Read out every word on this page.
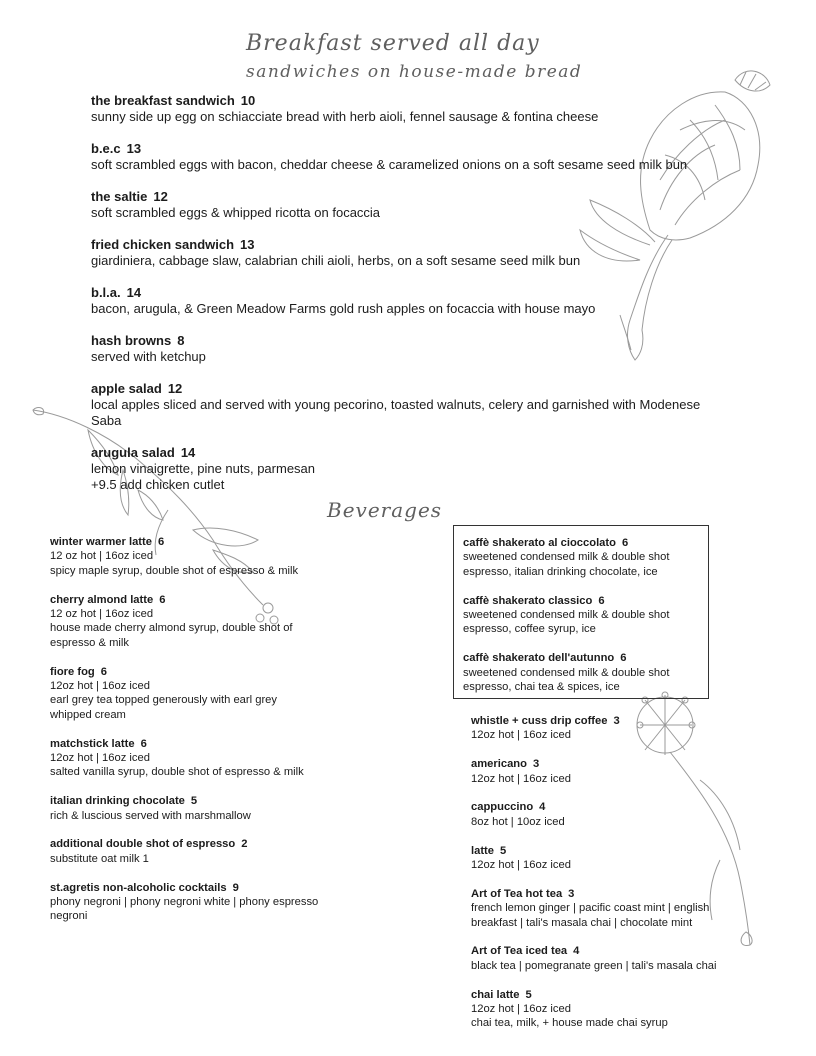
Breakfast served all day
sandwiches on house-made bread
the breakfast sandwich 10
sunny side up egg on schiacciate bread with herb aioli, fennel sausage & fontina cheese
b.e.c 13
soft scrambled eggs with bacon, cheddar cheese & caramelized onions on a soft sesame seed milk bun
the saltie 12
soft scrambled eggs & whipped ricotta on focaccia
fried chicken sandwich 13
giardiniera, cabbage slaw, calabrian chili aioli, herbs, on a soft sesame seed milk bun
b.l.a. 14
bacon, arugula, & Green Meadow Farms gold rush apples on focaccia with house mayo
hash browns 8
served with ketchup
apple salad 12
local apples sliced and served with young pecorino, toasted walnuts, celery and garnished with Modenese
Saba
arugula salad 14
lemon vinaigrette, pine nuts, parmesan
+9.5 add chicken cutlet
Beverages
winter warmer latte 6
12 oz hot | 16oz iced
spicy maple syrup, double shot of espresso & milk
cherry almond latte 6
12 oz hot | 16oz iced
house made cherry almond syrup, double shot of
espresso & milk
fiore fog 6
12oz hot | 16oz iced
earl grey tea topped generously with earl grey
whipped cream
matchstick latte 6
12oz hot | 16oz iced
salted vanilla syrup, double shot of espresso & milk
italian drinking chocolate 5
rich & luscious served with marshmallow
additional double shot of espresso 2
substitute oat milk 1
st.agretis non-alcoholic cocktails 9
phony negroni | phony negroni white | phony espresso
negroni
caffè shakerato al cioccolato 6
sweetened condensed milk & double shot
espresso, italian drinking chocolate, ice
caffè shakerato classico 6
sweetened condensed milk & double shot
espresso, coffee syrup, ice
caffè shakerato dell'autunno 6
sweetened condensed milk & double shot
espresso, chai tea & spices, ice
whistle + cuss drip coffee 3
12oz hot | 16oz iced
americano 3
12oz hot | 16oz iced
cappuccino 4
8oz hot | 10oz iced
latte 5
12oz hot | 16oz iced
Art of Tea hot tea 3
french lemon ginger | pacific coast mint | english
breakfast | tali's masala chai | chocolate mint
Art of Tea iced tea 4
black tea | pomegranate green | tali's masala chai
chai latte 5
12oz hot | 16oz iced
chai tea, milk, + house made chai syrup
